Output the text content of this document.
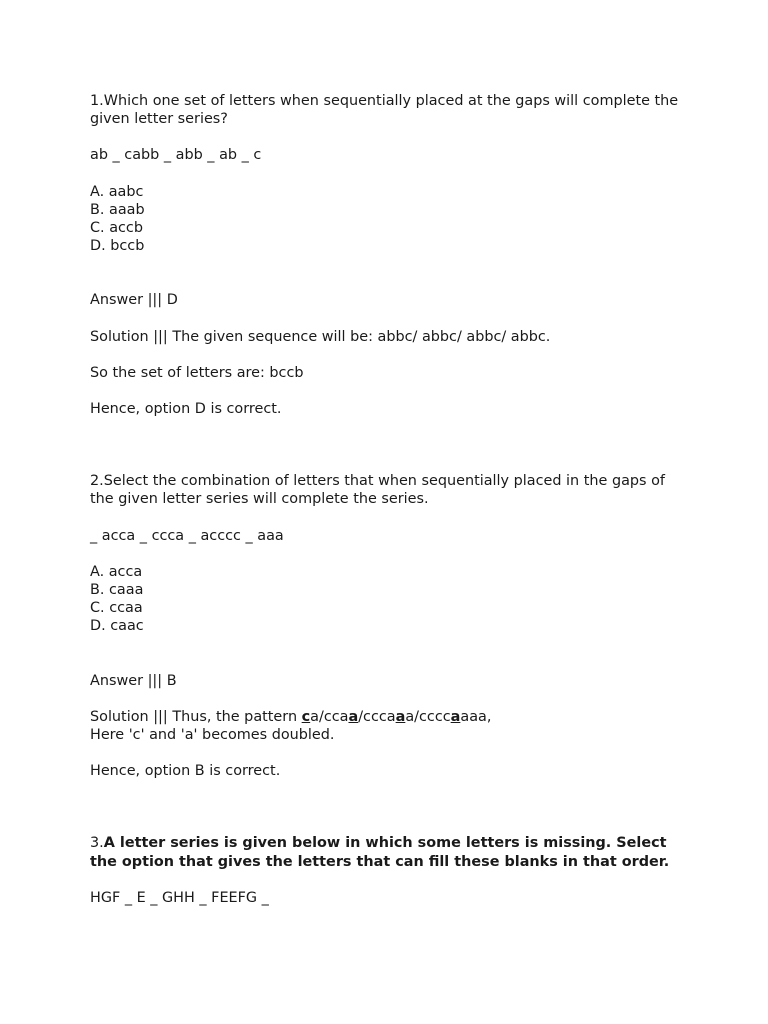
1.Which one set of letters when sequentially placed at the gaps will complete the given letter series?
ab _ cabb _ abb _ ab _ c
A. aabc
B. aaab
C. accb
D. bccb
Answer ||| D
Solution ||| The given sequence will be: abbc/ abbc/ abbc/ abbc.
So the set of letters are: bccb
Hence, option D is correct.
2.Select the combination of letters that when sequentially placed in the gaps of the given letter series will complete the series.
_ acca _ ccca _ acccc _ aaa
A. acca
B. caaa
C. ccaa
D. caac
Answer ||| B
Solution ||| Thus, the pattern ca/ccaa/cccaaa/ccccaaaa,
Here 'c' and 'a' becomes doubled.
Hence, option B is correct.
3.A letter series is given below in which some letters is missing. Select the option that gives the letters that can fill these blanks in that order.
HGF _ E _ GHH _ FEEFG _
